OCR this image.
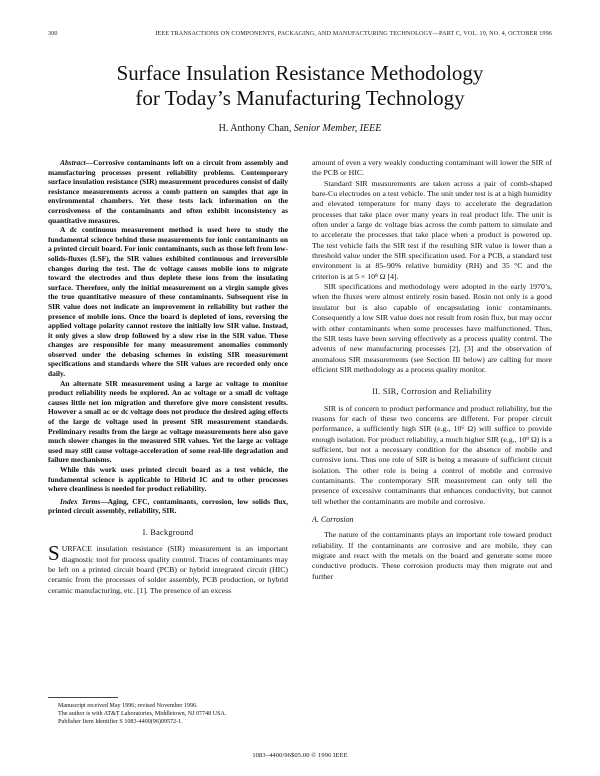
300	IEEE TRANSACTIONS ON COMPONENTS, PACKAGING, AND MANUFACTURING TECHNOLOGY—PART C, VOL. 19, NO. 4, OCTOBER 1996
Surface Insulation Resistance Methodology
for Today’s Manufacturing Technology
H. Anthony Chan, Senior Member, IEEE

Abstract—Corrosive contaminants left on a circuit from assembly and manufacturing processes present reliability problems. Contemporary surface insulation resistance (SIR) measurement procedures consist of daily resistance measurements across a comb pattern on samples that age in environmental chambers. Yet these tests lack information on the corrosiveness of the contaminants and often exhibit inconsistency as quantitative measures.

A dc continuous measurement method is used here to study the fundamental science behind these measurements for ionic contaminants on a printed circuit board. For ionic contaminants, such as those left from low-solids-fluxes (LSF), the SIR values exhibited continuous and irreversible changes during the test. The dc voltage causes mobile ions to migrate toward the electrodes and thus deplete these ions from the insulating surface. Therefore, only the initial measurement on a virgin sample gives the true quantitative measure of these contaminants. Subsequent rise in SIR value does not indicate an improvement in reliability but rather the presence of mobile ions. Once the board is depleted of ions, reversing the applied voltage polarity cannot restore the initially low SIR value. Instead, it only gives a slow drop followed by a slow rise in the SIR value. These changes are responsible for many measurement anomalies commonly observed under the debasing schemes in existing SIR measurement specifications and standards where the SIR values are recorded only once daily.

An alternate SIR measurement using a large ac voltage to monitor product reliability needs be explored. An ac voltage or a small dc voltage causes little net ion migration and therefore give more consistent results. However a small ac or dc voltage does not produce the desired aging effects of the large dc voltage used in present SIR measurement standards. Preliminary results from the large ac voltage measurements here also gave much slower changes in the measured SIR values. Yet the large ac voltage used may still cause voltage-acceleration of some real-life degradation and failure mechanisms.

While this work uses printed circuit board as a test vehicle, the fundamental science is applicable to Hibrid IC and to other processes where cleanliness is needed for product reliability.

Index Terms—Aging, CFC, contaminants, corrosion, low solids flux, printed circuit assembly, reliability, SIR.

I. Background

SURFACE insulation resistance (SIR) measurement is an important diagnostic tool for process quality control. Traces of contaminants may be left on a printed circuit board (PCB) or hybrid integrated circuit (HIC) ceramic from the processes of solder assembly, PCB production, or hybrid ceramic manufacturing, etc. [1]. The presence of an excess

amount of even a very weakly conducting contaminant will lower the SIR of the PCB or HIC.

Standard SIR measurements are taken across a pair of comb-shaped bare-Cu electrodes on a test vehicle. The unit under test is at a high humidity and elevated temperature for many days to accelerate the degradation processes that take place over many years in real product life. The unit is often under a large dc voltage bias across the comb pattern to simulate and to accelerate the processes that take place when a product is powered up. The test vehicle fails the SIR test if the resulting SIR value is lower than a threshold value under the SIR specification used. For a PCB, a standard test environment is at 85–90% relative humidity (RH) and 35 °C and the criterion is at 5 × 10⁸ Ω [4].

SIR specifications and methodology were adopted in the early 1970’s, when the fluxes were almost entirely rosin based. Rosin not only is a good insulator but is also capable of encapsulating ionic contaminants. Consequently a low SIR value does not result from rosin flux, but may occur with other contaminants when some processes have malfunctioned. Thus, the SIR tests have been serving effectively as a process quality control. The advents of new manufacturing processes [2], [3] and the observation of anomalous SIR measurements (see Section III below) are calling for more efficient SIR methodology as a process quality monitor.

II. SIR, Corrosion and Reliability

SIR is of concern to product performance and product reliability, but the reasons for each of these two concerns are different. For proper circuit performance, a sufficiently high SIR (e.g., 10⁶ Ω) will suffice to provide enough isolation. For product reliability, a much higher SIR (e.g., 10⁹ Ω) is a sufficient, but not a necessary condition for the absence of mobile and corrosive ions. Thus one role of SIR is being a measure of sufficient circuit isolation. The other role is being a control of mobile and corrosive contaminants. The contemporary SIR measurement can only tell the presence of excessive contaminants that enhances conductivity, but cannot tell whether the contaminants are mobile and corrosive.

A. Corrosion

The nature of the contaminants plays an important role toward product reliability. If the contaminants are corrosive and are mobile, they can migrate and react with the metals on the board and generate some more conductive products. These corrosion products may then migrate out and further

Manuscript received May 1996; revised November 1996.
The author is with AT&T Laboratories, Middletown, NJ 07748 USA.
Publisher Item Identifier S 1083-4400(96)09572-1.
1083–4400/96$05.00 © 1996 IEEE
